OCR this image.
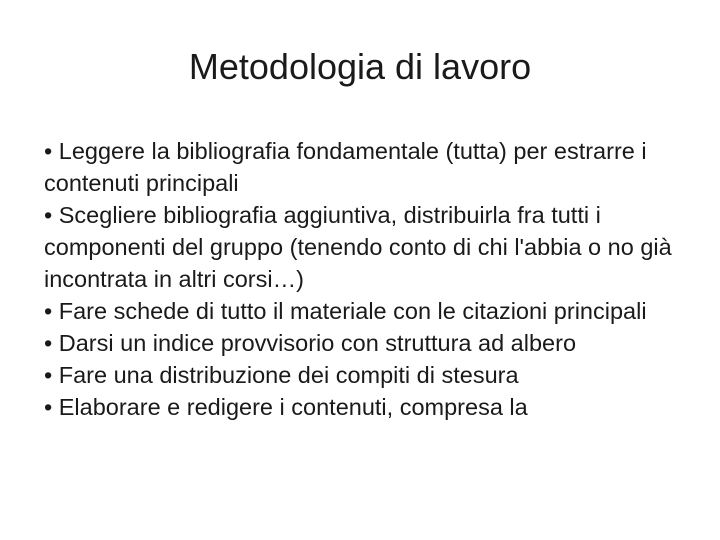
Metodologia di lavoro

• Leggere la bibliografia fondamentale (tutta) per estrarre i contenuti principali

• Scegliere bibliografia aggiuntiva, distribuirla fra tutti i componenti del gruppo (tenendo conto di chi l'abbia o no già incontrata in altri corsi…)

• Fare schede di tutto il materiale con le citazioni principali

• Darsi un indice provvisorio con struttura ad albero

• Fare una distribuzione dei compiti di stesura

• Elaborare e redigere i contenuti, compresa la
